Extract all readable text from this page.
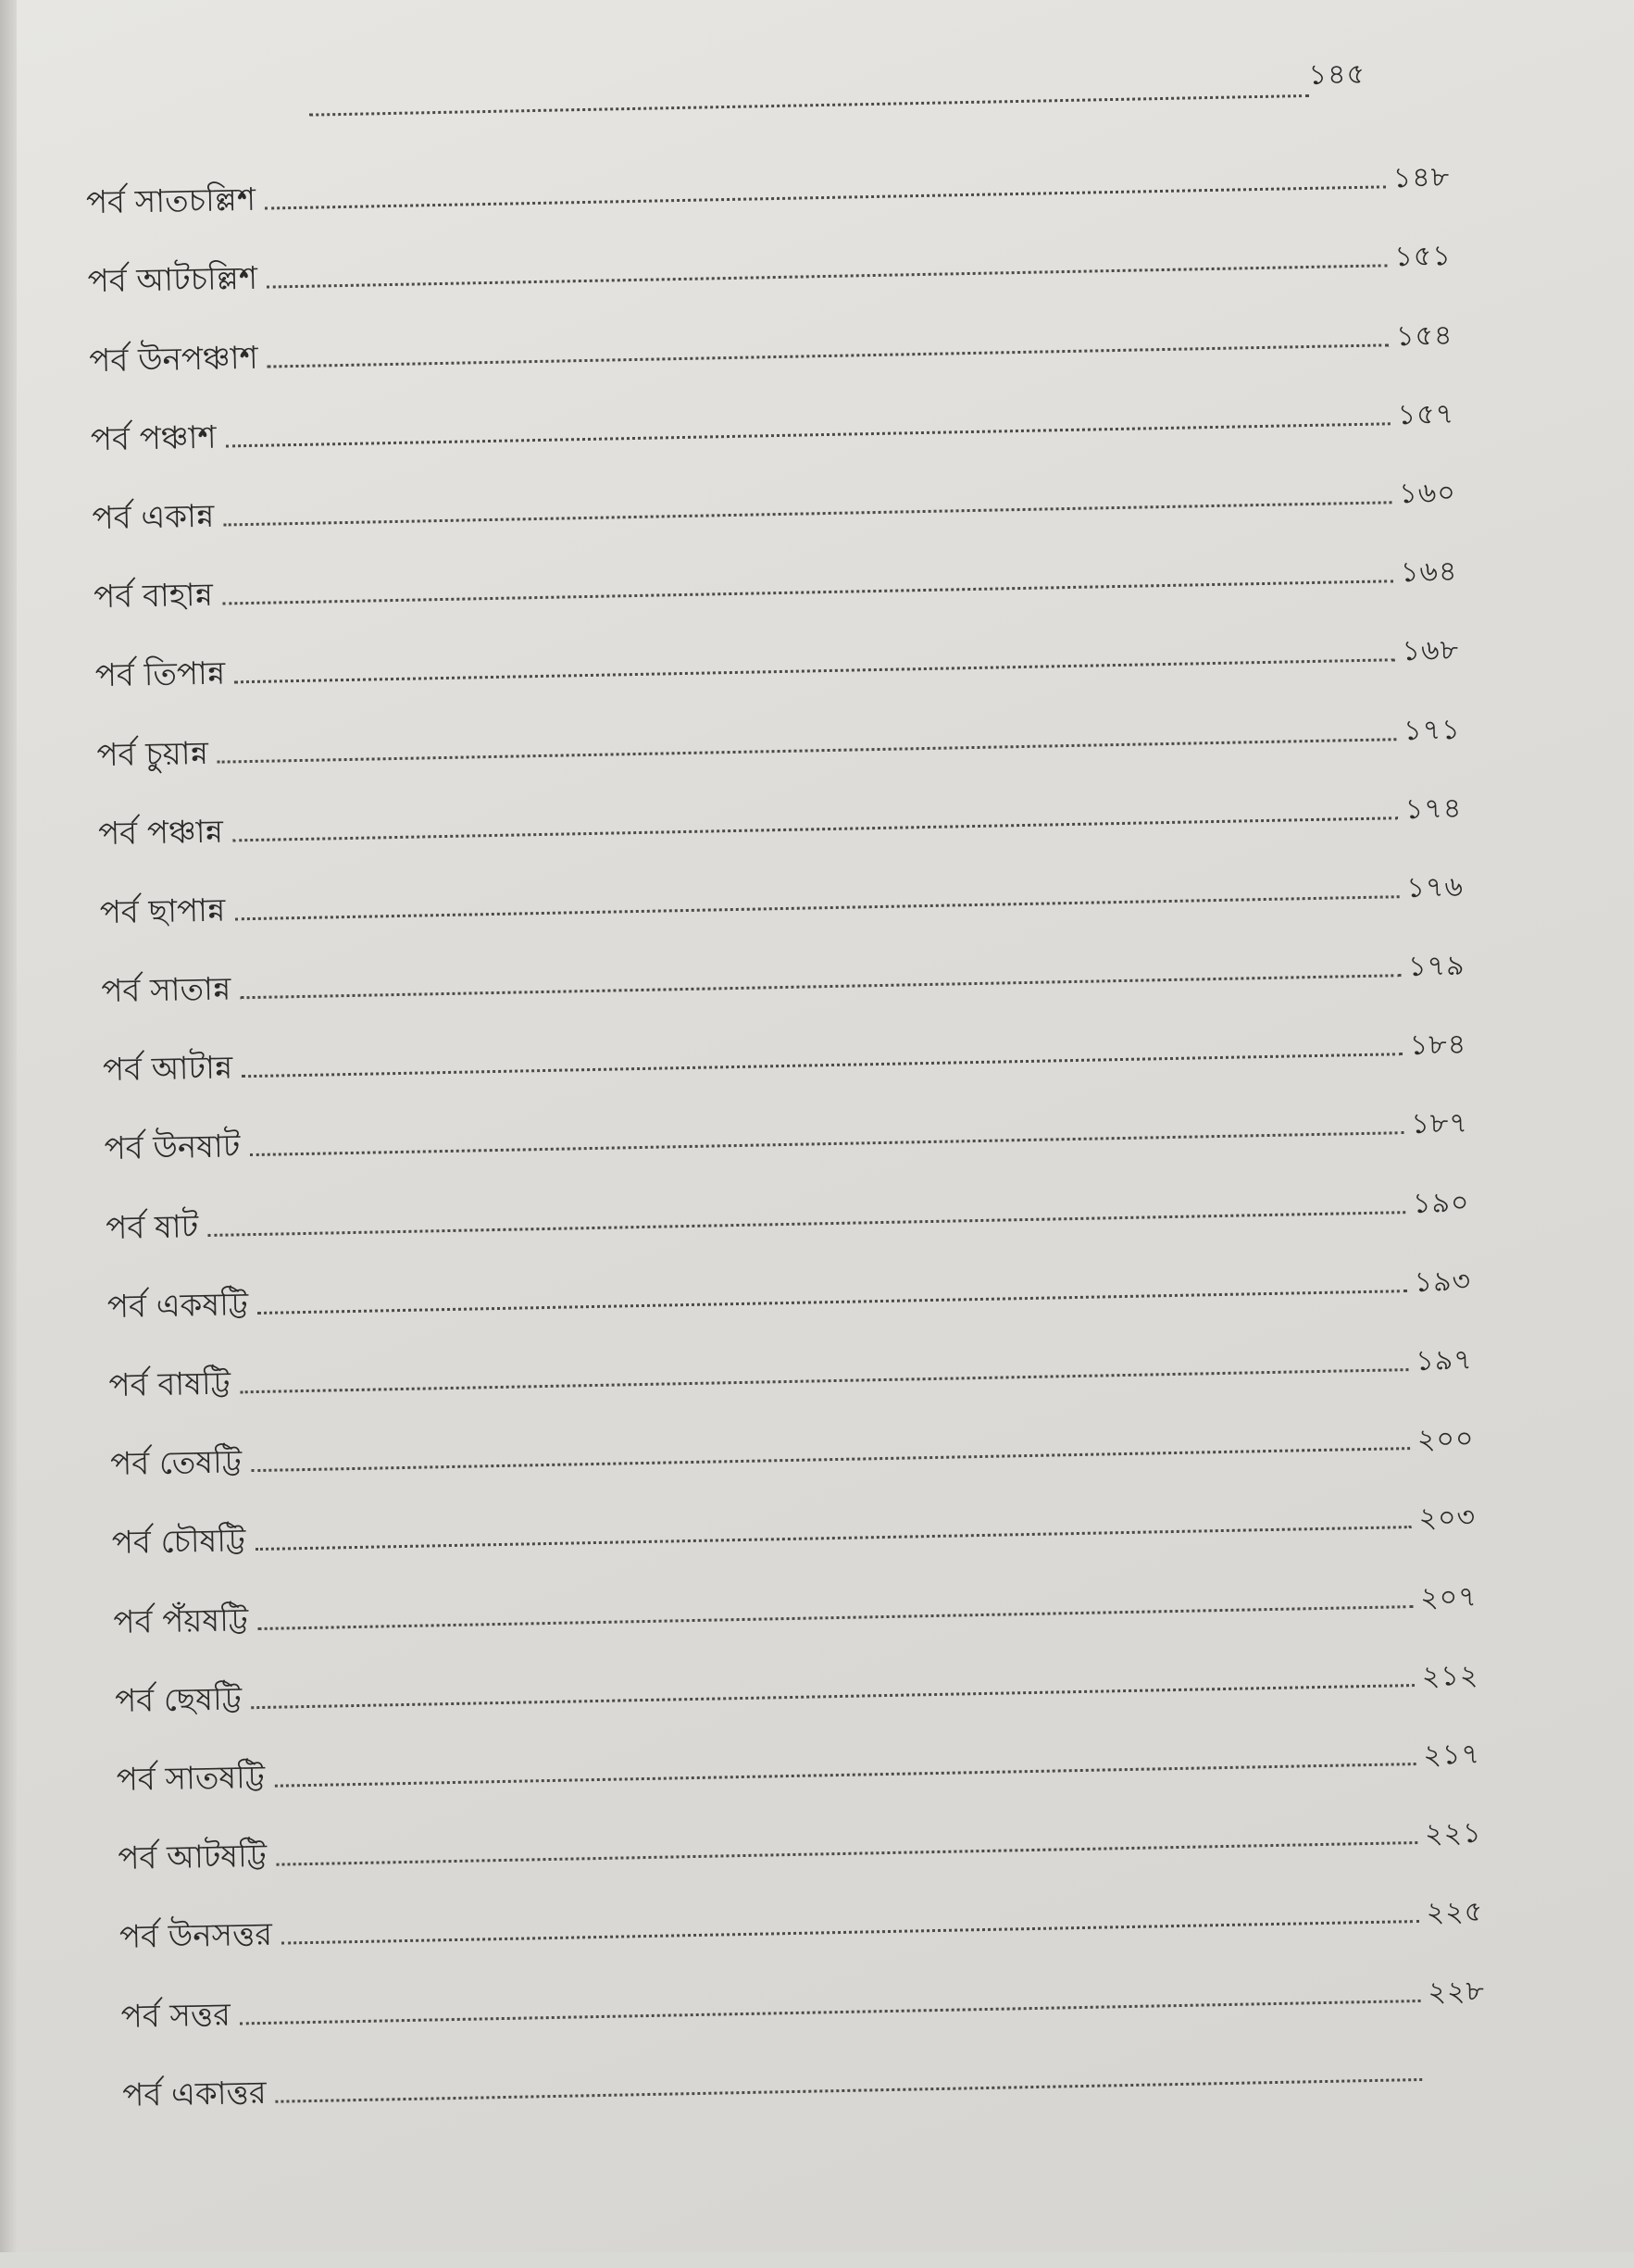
১৪৫
পর্ব সাতচল্লিশ
১৪৮
পর্ব আটচল্লিশ
১৫১
পর্ব উনপঞ্চাশ
১৫৪
পর্ব পঞ্চাশ
১৫৭
পর্ব একান্ন
১৬০
পর্ব বাহান্ন
১৬৪
পর্ব তিপান্ন
১৬৮
পর্ব চুয়ান্ন
১৭১
পর্ব পঞ্চান্ন
১৭৪
পর্ব ছাপান্ন
১৭৬
পর্ব সাতান্ন
১৭৯
পর্ব আটান্ন
১৮৪
পর্ব উনষাট
১৮৭
পর্ব ষাট
১৯০
পর্ব একষট্টি
১৯৩
পর্ব বাষট্টি
১৯৭
পর্ব তেষট্টি
২০০
পর্ব চৌষট্টি
২০৩
পর্ব পঁয়ষট্টি
২০৭
পর্ব ছেষট্টি
২১২
পর্ব সাতষট্টি
২১৭
পর্ব আটষট্টি
২২১
পর্ব উনসত্তর
২২৫
পর্ব সত্তর
২২৮
পর্ব একাত্তর
